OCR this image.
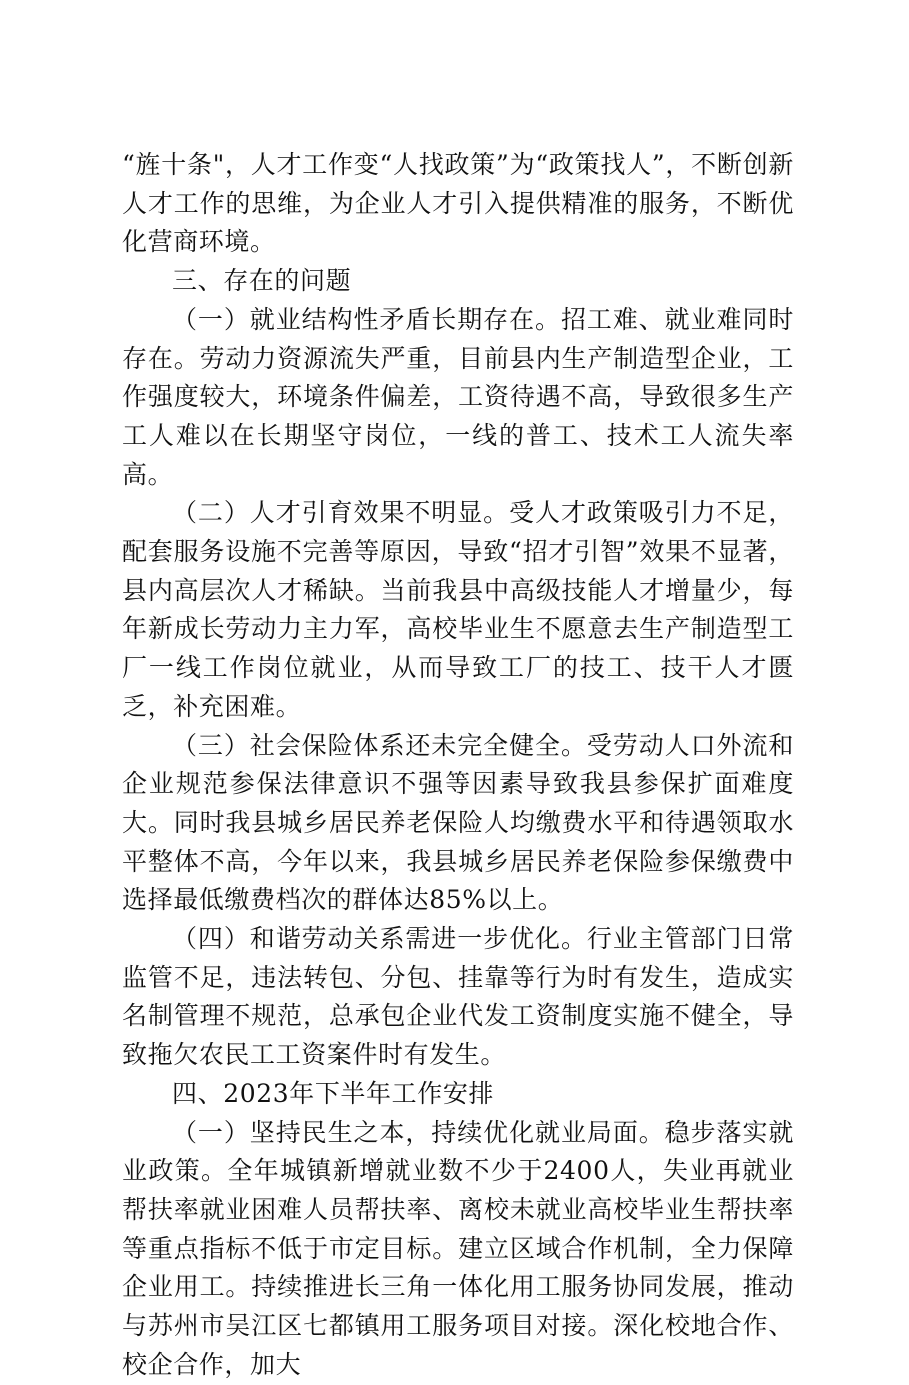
“旌十条"，人才工作变“人找政策”为“政策找人”，不断创新人才工作的思维，为企业人才引入提供精准的服务，不断优化营商环境。

三、存在的问题

（一）就业结构性矛盾长期存在。招工难、就业难同时存在。劳动力资源流失严重，目前县内生产制造型企业，工作强度较大，环境条件偏差，工资待遇不高，导致很多生产工人难以在长期坚守岗位，一线的普工、技术工人流失率高。

（二）人才引育效果不明显。受人才政策吸引力不足，配套服务设施不完善等原因，导致“招才引智”效果不显著，县内高层次人才稀缺。当前我县中高级技能人才增量少，每年新成长劳动力主力军，高校毕业生不愿意去生产制造型工厂一线工作岗位就业，从而导致工厂的技工、技干人才匮乏，补充困难。

（三）社会保险体系还未完全健全。受劳动人口外流和企业规范参保法律意识不强等因素导致我县参保扩面难度大。同时我县城乡居民养老保险人均缴费水平和待遇领取水平整体不高，今年以来，我县城乡居民养老保险参保缴费中选择最低缴费档次的群体达85%以上。

（四）和谐劳动关系需进一步优化。行业主管部门日常监管不足，违法转包、分包、挂靠等行为时有发生，造成实名制管理不规范，总承包企业代发工资制度实施不健全，导致拖欠农民工工资案件时有发生。

四、2023年下半年工作安排

（一）坚持民生之本，持续优化就业局面。稳步落实就业政策。全年城镇新增就业数不少于2400人，失业再就业帮扶率就业困难人员帮扶率、离校未就业高校毕业生帮扶率等重点指标不低于市定目标。建立区域合作机制，全力保障企业用工。持续推进长三角一体化用工服务协同发展，推动与苏州市吴江区七都镇用工服务项目对接。深化校地合作、校企合作，加大
